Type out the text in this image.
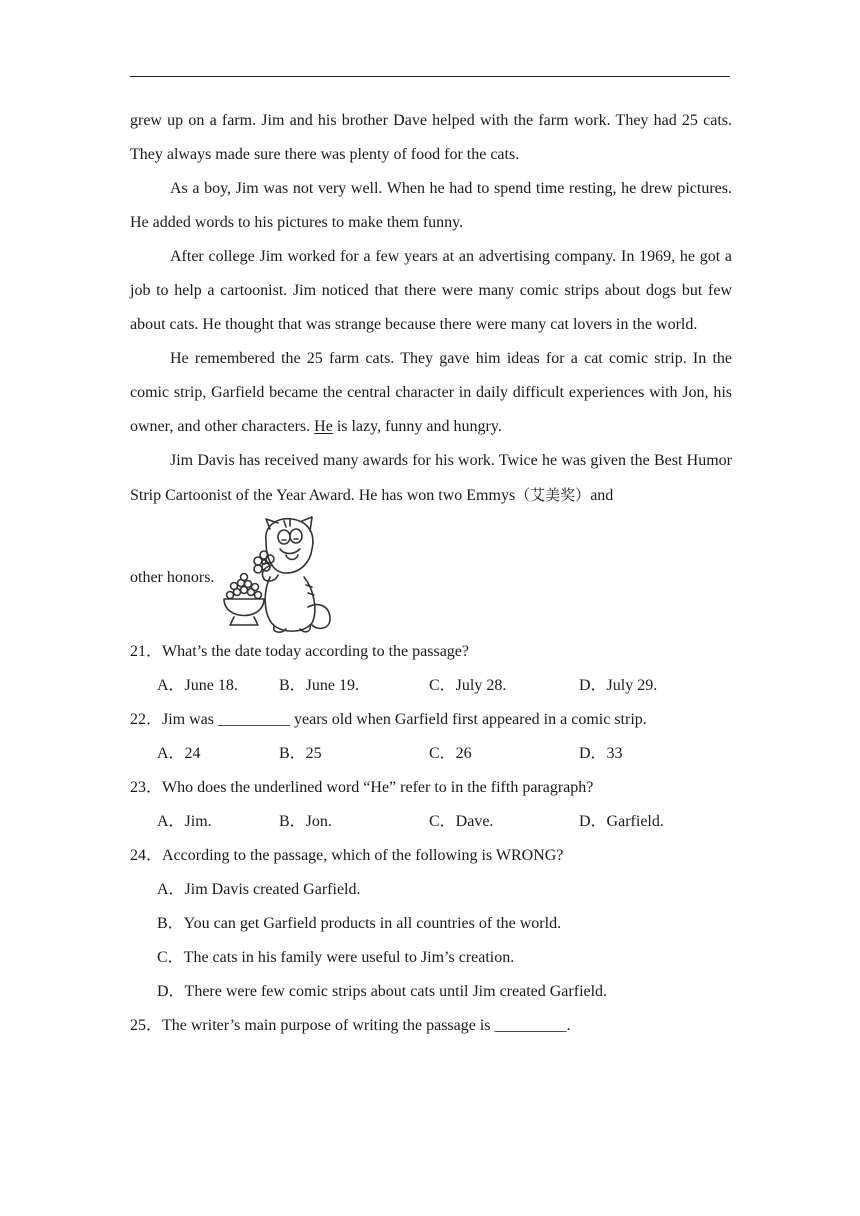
grew up on a farm. Jim and his brother Dave helped with the farm work. They had 25 cats. They always made sure there was plenty of food for the cats.

As a boy, Jim was not very well. When he had to spend time resting, he drew pictures. He added words to his pictures to make them funny.

After college Jim worked for a few years at an advertising company. In 1969, he got a job to help a cartoonist. Jim noticed that there were many comic strips about dogs but few about cats. He thought that was strange because there were many cat lovers in the world.

He remembered the 25 farm cats. They gave him ideas for a cat comic strip. In the comic strip, Garfield became the central character in daily difficult experiences with Jon, his owner, and other characters. He is lazy, funny and hungry.

Jim Davis has received many awards for his work. Twice he was given the Best Humor Strip Cartoonist of the Year Award. He has won two Emmys（艾美奖）and

other honors.

21．What’s the date today according to the passage?

A．June 18.	B．June 19.	C．July 28.	D．July 29.

22．Jim was _________ years old when Garfield first appeared in a comic strip.

A．24	B．25	C．26	D．33

23．Who does the underlined word “He” refer to in the fifth paragraph?

A．Jim.	B．Jon.	C．Dave.	D．Garfield.

24．According to the passage, which of the following is WRONG?

A．Jim Davis created Garfield.
B．You can get Garfield products in all countries of the world.
C．The cats in his family were useful to Jim’s creation.
D．There were few comic strips about cats until Jim created Garfield.

25．The writer’s main purpose of writing the passage is _________.
